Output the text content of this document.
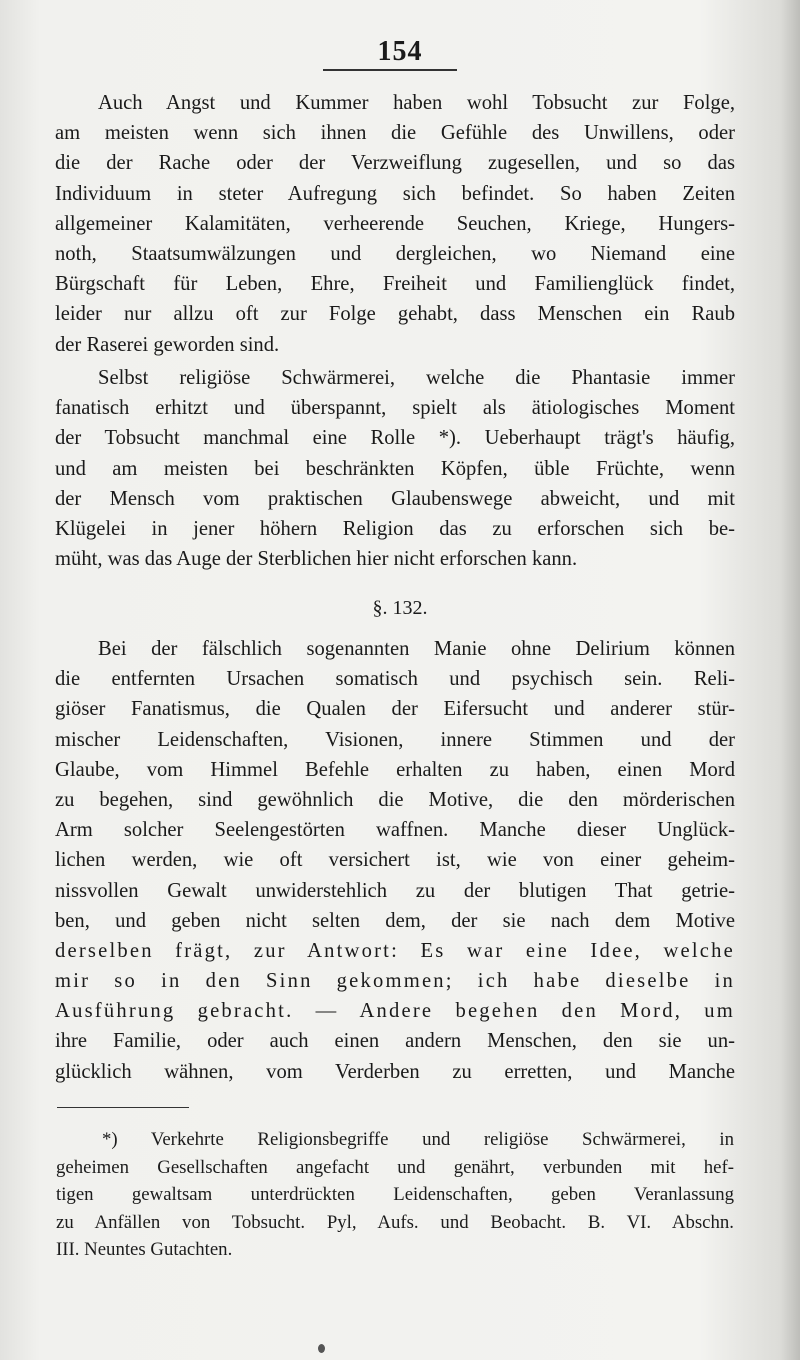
154
Auch Angst und Kummer haben wohl Tobsucht zur Folge,
am meisten wenn sich ihnen die Gefühle des Unwillens, oder
die der Rache oder der Verzweiflung zugesellen, und so das
Individuum in steter Aufregung sich befindet. So haben Zeiten
allgemeiner Kalamitäten, verheerende Seuchen, Kriege, Hungers-
noth, Staatsumwälzungen und dergleichen, wo Niemand eine
Bürgschaft für Leben, Ehre, Freiheit und Familienglück findet,
leider nur allzu oft zur Folge gehabt, dass Menschen ein Raub
der Raserei geworden sind.
Selbst religiöse Schwärmerei, welche die Phantasie immer
fanatisch erhitzt und überspannt, spielt als ätiologisches Moment
der Tobsucht manchmal eine Rolle *). Ueberhaupt trägt's häufig,
und am meisten bei beschränkten Köpfen, üble Früchte, wenn
der Mensch vom praktischen Glaubenswege abweicht, und mit
Klügelei in jener höhern Religion das zu erforschen sich be-
müht, was das Auge der Sterblichen hier nicht erforschen kann.
§. 132.
Bei der fälschlich sogenannten Manie ohne Delirium können
die entfernten Ursachen somatisch und psychisch sein. Reli-
giöser Fanatismus, die Qualen der Eifersucht und anderer stür-
mischer Leidenschaften, Visionen, innere Stimmen und der
Glaube, vom Himmel Befehle erhalten zu haben, einen Mord
zu begehen, sind gewöhnlich die Motive, die den mörderischen
Arm solcher Seelengestörten waffnen. Manche dieser Unglück-
lichen werden, wie oft versichert ist, wie von einer geheim-
nissvollen Gewalt unwiderstehlich zu der blutigen That getrie-
ben, und geben nicht selten dem, der sie nach dem Motive
derselben frägt, zur Antwort: Es war eine Idee, welche
mir so in den Sinn gekommen; ich habe dieselbe in
Ausführung gebracht. — Andere begehen den Mord, um
ihre Familie, oder auch einen andern Menschen, den sie un-
glücklich wähnen, vom Verderben zu erretten, und Manche
*) Verkehrte Religionsbegriffe und religiöse Schwärmerei, in
geheimen Gesellschaften angefacht und genährt, verbunden mit hef-
tigen gewaltsam unterdrückten Leidenschaften, geben Veranlassung
zu Anfällen von Tobsucht. Pyl, Aufs. und Beobacht. B. VI. Abschn.
III. Neuntes Gutachten.
